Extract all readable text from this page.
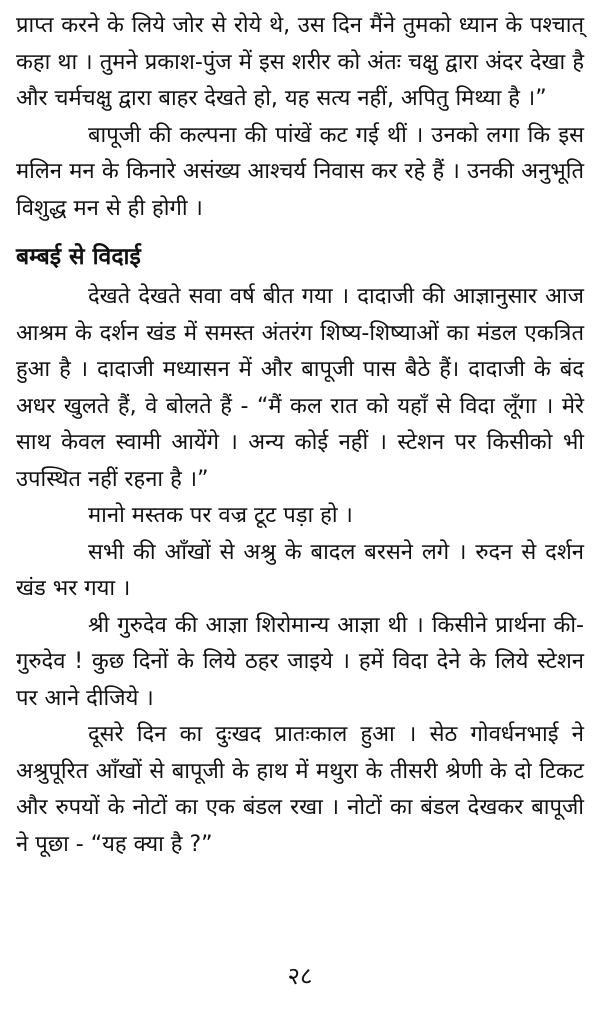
प्राप्त करने के लिये जोर से रोये थे, उस दिन मैंने तुमको ध्यान के पश्चात् कहा था । तुमने प्रकाश-पुंज में इस शरीर को अंतः चक्षु द्वारा अंदर देखा है और चर्मचक्षु द्वारा बाहर देखते हो, यह सत्य नहीं, अपितु मिथ्या है ।”

बापूजी की कल्पना की पांखें कट गई थीं । उनको लगा कि इस मलिन मन के किनारे असंख्य आश्चर्य निवास कर रहे हैं । उनकी अनुभूति विशुद्ध मन से ही होगी ।

बम्बई से विदाई

देखते देखते सवा वर्ष बीत गया । दादाजी की आज्ञानुसार आज आश्रम के दर्शन खंड में समस्त अंतरंग शिष्य-शिष्याओं का मंडल एकत्रित हुआ है । दादाजी मध्यासन में और बापूजी पास बैठे हैं। दादाजी के बंद अधर खुलते हैं, वे बोलते हैं - “मैं कल रात को यहाँ से विदा लूँगा । मेरे साथ केवल स्वामी आयेंगे । अन्य कोई नहीं । स्टेशन पर किसीको भी उपस्थित नहीं रहना है ।”

मानो मस्तक पर वज्र टूट पड़ा हो ।

सभी की आँखों से अश्रु के बादल बरसने लगे । रुदन से दर्शन खंड भर गया ।

श्री गुरुदेव की आज्ञा शिरोमान्य आज्ञा थी । किसीने प्रार्थना की-गुरुदेव ! कुछ दिनों के लिये ठहर जाइये । हमें विदा देने के लिये स्टेशन पर आने दीजिये ।

दूसरे दिन का दुःखद प्रातःकाल हुआ । सेठ गोवर्धनभाई ने अश्रुपूरित आँखों से बापूजी के हाथ में मथुरा के तीसरी श्रेणी के दो टिकट और रुपयों के नोटों का एक बंडल रखा । नोटों का बंडल देखकर बापूजी ने पूछा - “यह क्या है ?”

२८
